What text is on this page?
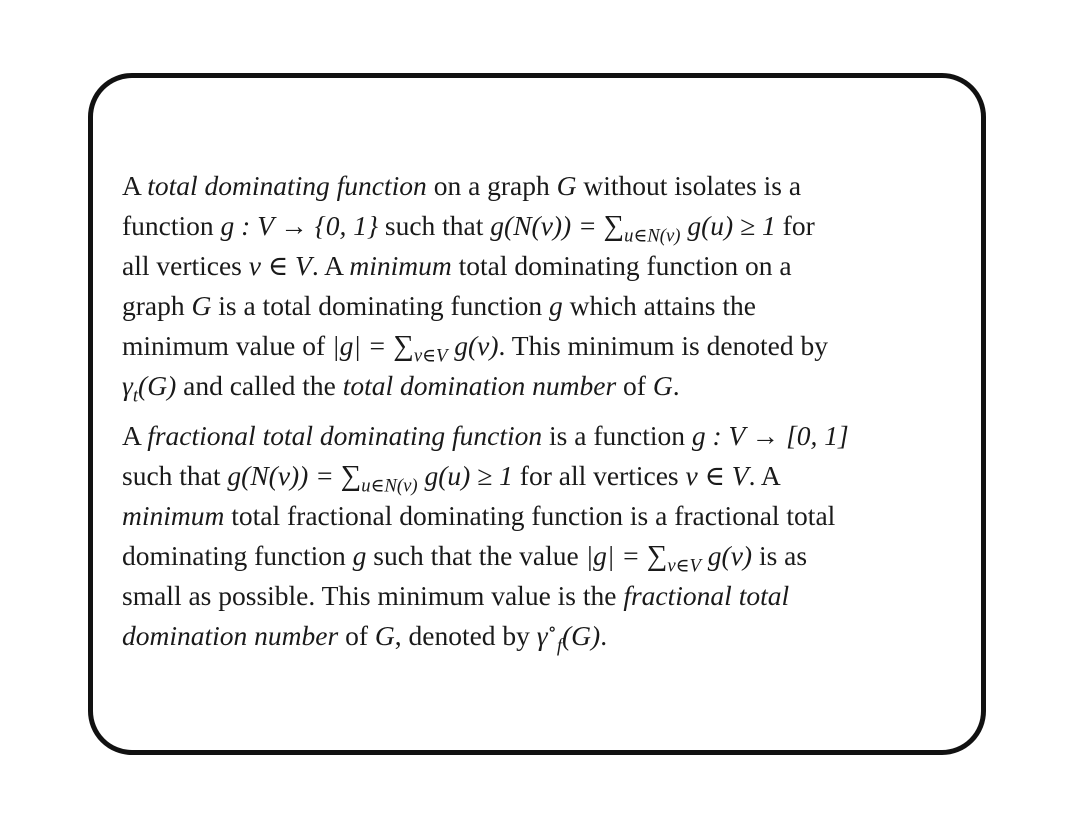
A total dominating function on a graph G without isolates is a
function g : V → {0, 1} such that $g(N(v)) = \sum_{u\in N(v)}$ g(u) ≥ 1 for
all vertices v ∈ V. A minimum total dominating function on a
graph G is a total dominating function g which attains the
minimum value of $|g| = \sum_{v\in V}$ g(v). This minimum is denoted by
$\gamma_t(G)$ and called the total domination number of G.
A fractional total dominating function is a function g : V → [0, 1]
such that $g(N(v)) = \sum_{u\in N(v)}$ g(u) ≥ 1 for all vertices v ∈ V. A
minimum total fractional dominating function is a fractional total
dominating function g such that the value $|g| = \sum_{v\in V}$ g(v) is as
small as possible. This minimum value is the fractional total
domination number of G, denoted by $\gamma^\circ_f(G)$.
